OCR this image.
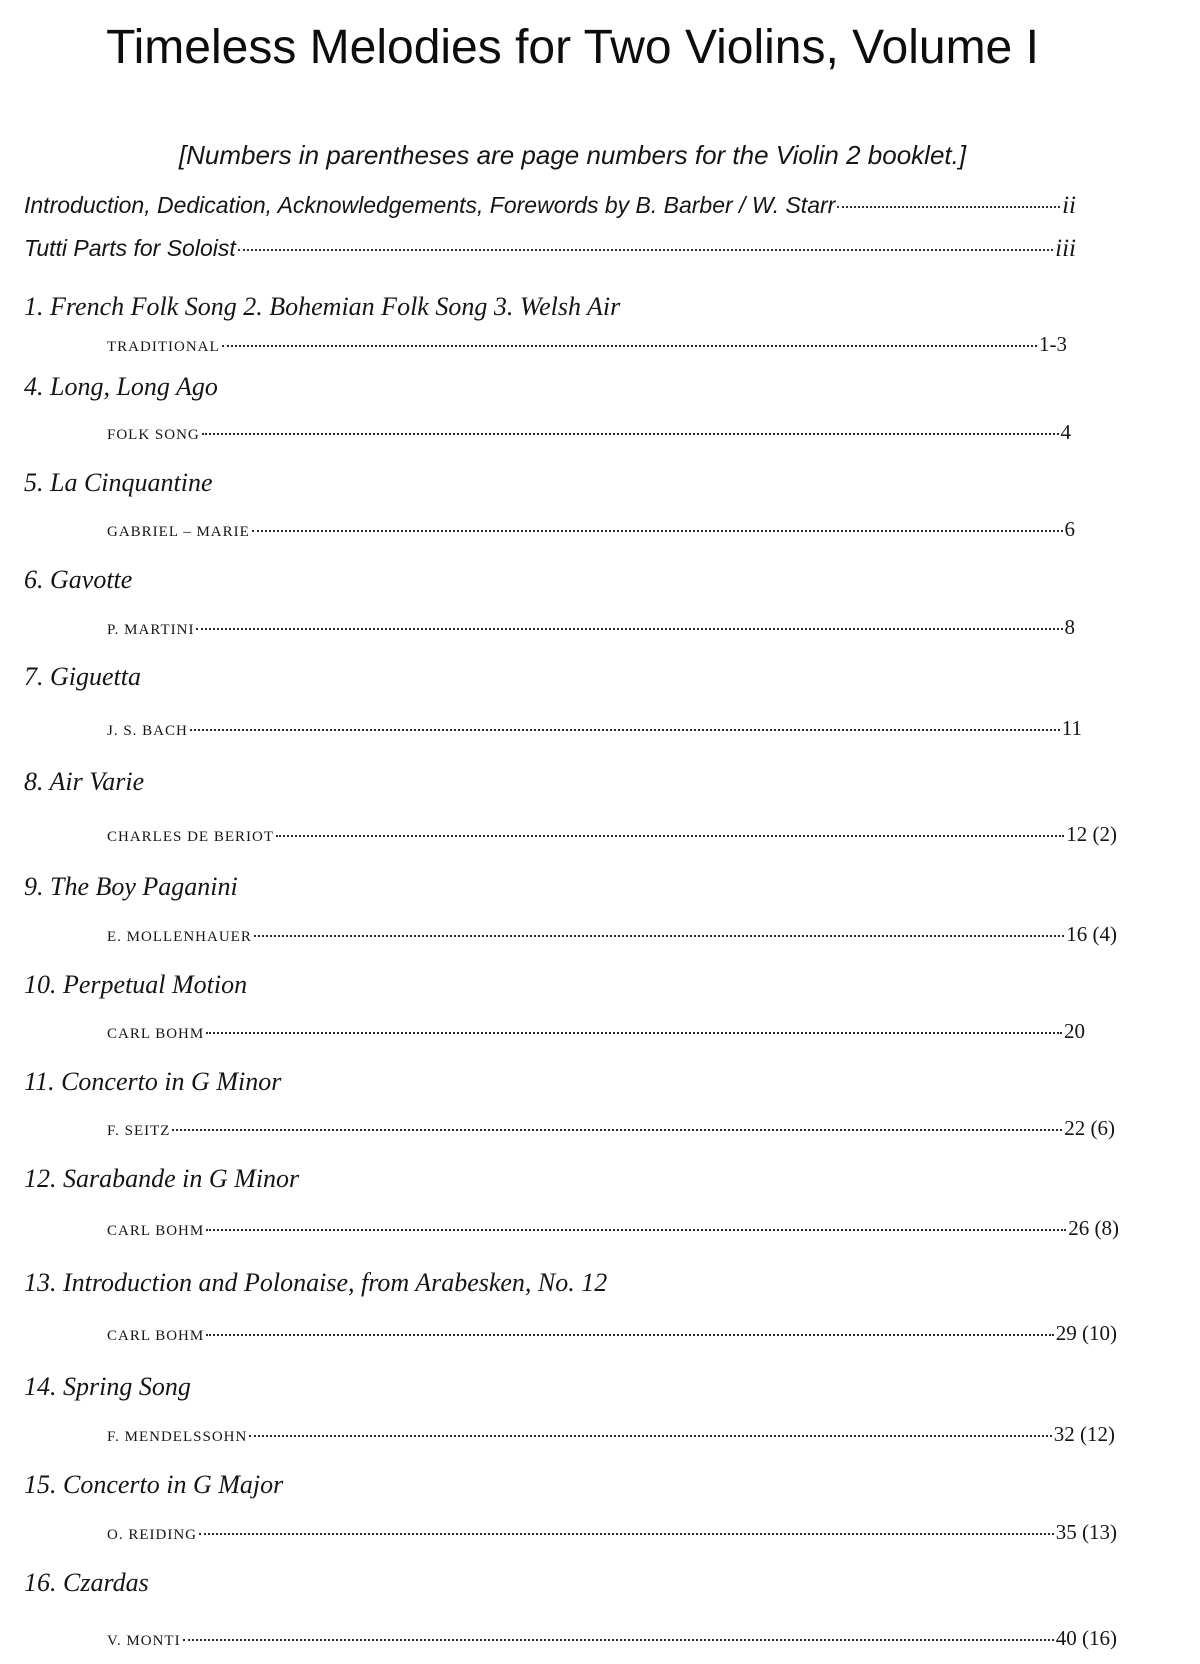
Timeless Melodies for Two Violins, Volume I
[Numbers in parentheses are page numbers for the Violin 2 booklet.]
Introduction, Dedication, Acknowledgements, Forewords by B. Barber / W. Starr	ii
Tutti Parts for Soloist	iii
1. French Folk Song 2. Bohemian Folk Song 3. Welsh Air
TRADITIONAL	1-3
4. Long, Long Ago
FOLK SONG	4
5. La Cinquantine
GABRIEL – MARIE	6
6. Gavotte
P. MARTINI	8
7. Giguetta
J. S. BACH	11
8. Air Varie
CHARLES DE BERIOT	12 (2)
9. The Boy Paganini
E. MOLLENHAUER	16 (4)
10. Perpetual Motion
CARL BOHM	20
11. Concerto in G Minor
F. SEITZ	22 (6)
12. Sarabande in G Minor
CARL BOHM	26 (8)
13. Introduction and Polonaise, from Arabesken, No. 12
CARL BOHM	29 (10)
14. Spring Song
F. MENDELSSOHN	32 (12)
15. Concerto in G Major
O. REIDING	35 (13)
16. Czardas
V. MONTI	40 (16)
